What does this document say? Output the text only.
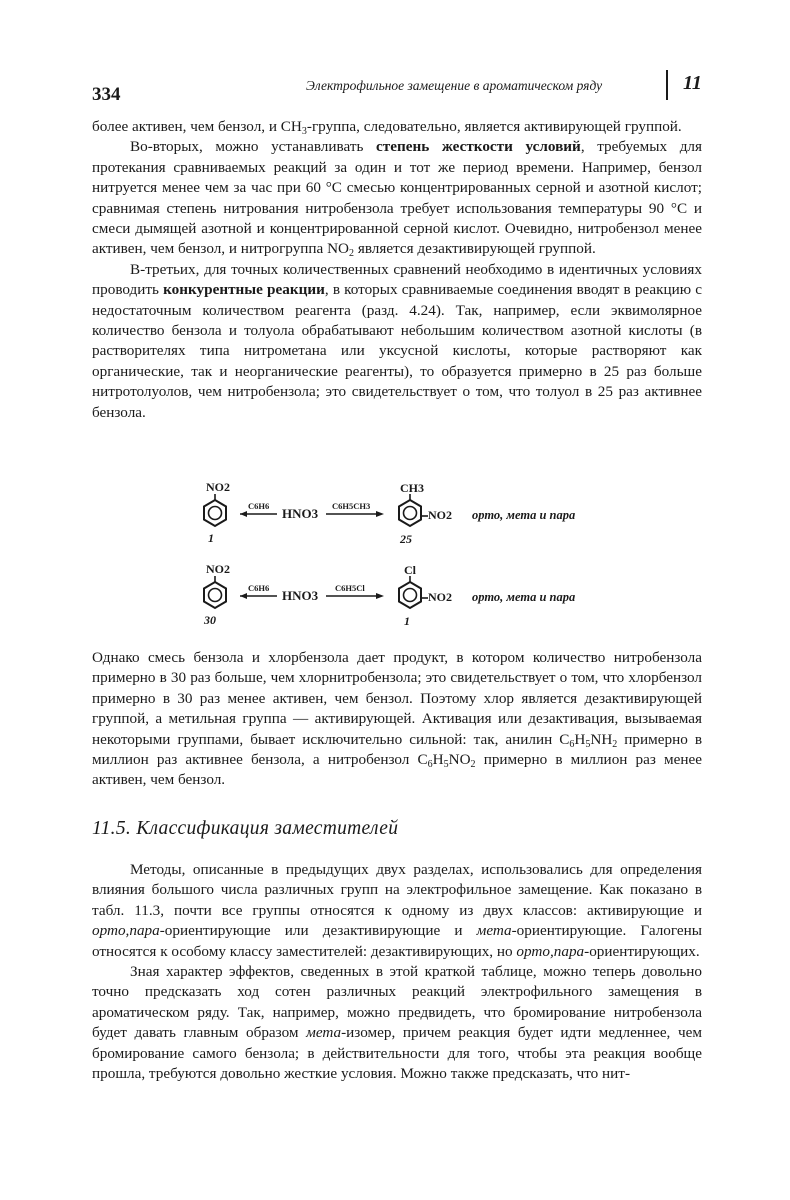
334	Электрофильное замещение в ароматическом ряду	11

более активен, чем бензол, и $CH_3$-группа, следовательно, является активирующей группой.

Во-вторых, можно устанавливать степень жесткости условий, требуемых для протекания сравниваемых реакций за один и тот же период времени. Например, бензол нитруется менее чем за час при 60 °C смесью концентрированных серной и азотной кислот; сравнимая степень нитрования нитробензола требует использования температуры 90 °C и смеси дымящей азотной и концентрированной серной кислот. Очевидно, нитробензол менее активен, чем бензол, и нитрогруппа $NO_2$ является дезактивирующей группой.

В-третьих, для точных количественных сравнений необходимо в идентичных условиях проводить конкурентные реакции, в которых сравниваемые соединения вводят в реакцию с недостаточным количеством реагента (разд. 4.24). Так, например, если эквимолярное количество бензола и толуола обрабатывают небольшим количеством азотной кислоты (в растворителях типа нитрометана или уксусной кислоты, которые растворяют как органические, так и неорганические реагенты), то образуется примерно в 25 раз больше нитротолуолов, чем нитробензола; это свидетельствует о том, что толуол в 25 раз активнее бензола.

NO2
1
C6H6 HNO3 C6H5CH3
CH3
NO2
25
орто, мета и пара
NO2
30
C6H6 HNO3 C6H5Cl
Cl
NO2
1
орто, мета и пара

Однако смесь бензола и хлорбензола дает продукт, в котором количество нитробензола примерно в 30 раз больше, чем хлорнитробензола; это свидетельствует о том, что хлорбензол примерно в 30 раз менее активен, чем бензол. Поэтому хлор является дезактивирующей группой, а метильная группа — активирующей. Активация или дезактивация, вызываемая некоторыми группами, бывает исключительно сильной: так, анилин $C_6H_5NH_2$ примерно в миллион раз активнее бензола, а нитробензол $C_6H_5NO_2$ примерно в миллион раз менее активен, чем бензол.

11.5. Классификация заместителей

Методы, описанные в предыдущих двух разделах, использовались для определения влияния большого числа различных групп на электрофильное замещение. Как показано в табл. 11.3, почти все группы относятся к одному из двух классов: активирующие и орто,пара-ориентирующие или дезактивирующие и мета-ориентирующие. Галогены относятся к особому классу заместителей: дезактивирующих, но орто,пара-ориентирующих.

Зная характер эффектов, сведенных в этой краткой таблице, можно теперь довольно точно предсказать ход сотен различных реакций электрофильного замещения в ароматическом ряду. Так, например, можно предвидеть, что бромирование нитробензола будет давать главным образом мета-изомер, причем реакция будет идти медленнее, чем бромирование самого бензола; в действительности для того, чтобы эта реакция вообще прошла, требуются довольно жесткие условия. Можно также предсказать, что нит-
